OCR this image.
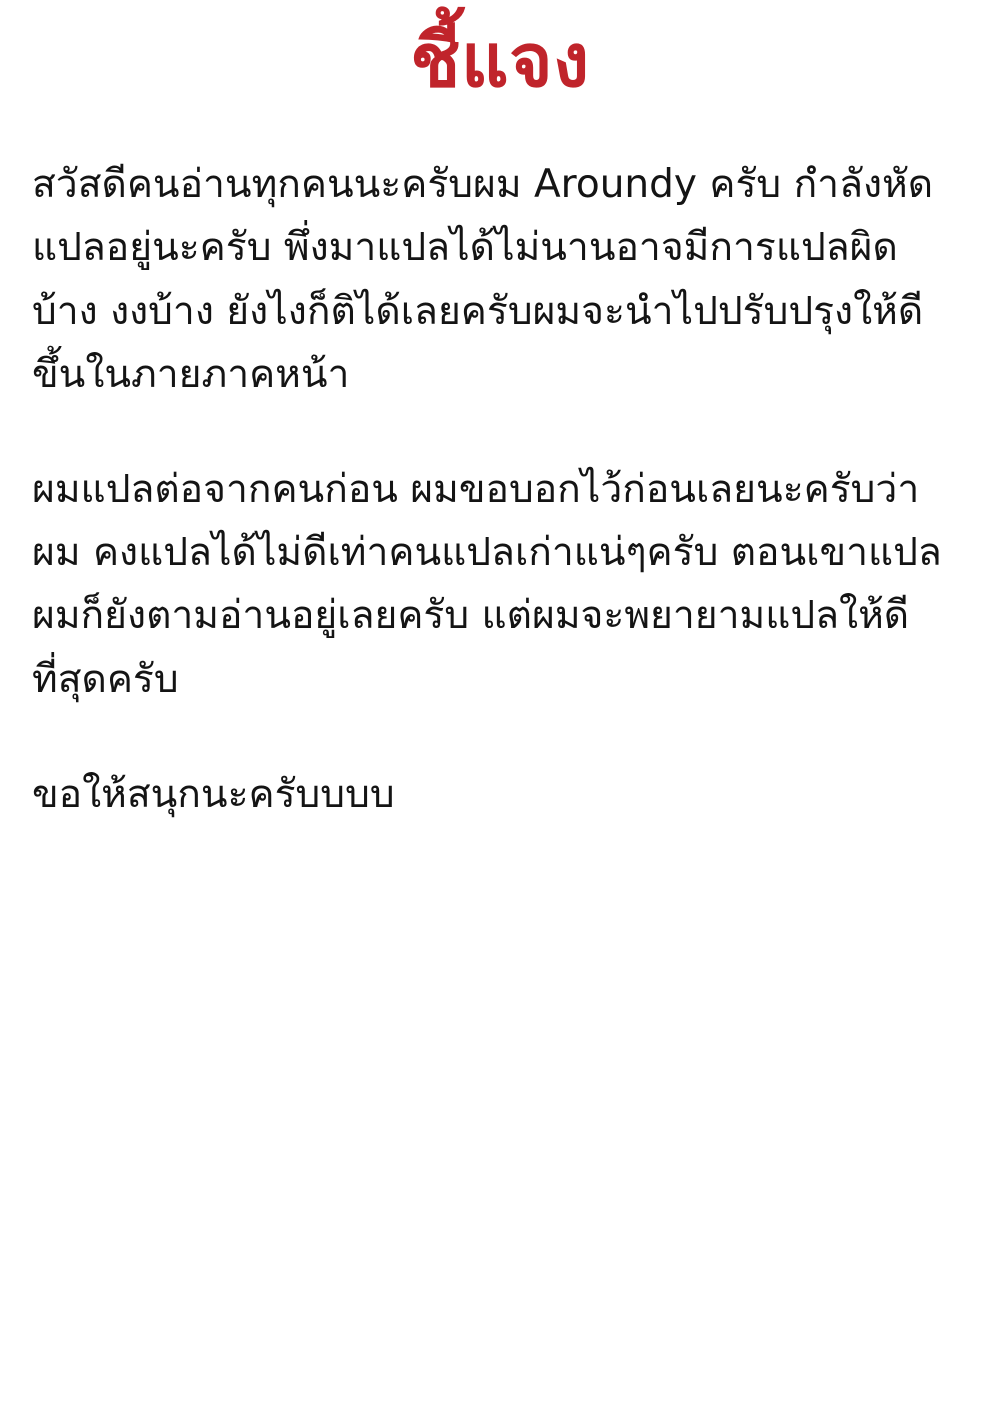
ชี้แจง

สวัสดีคนอ่านทุกคนนะครับผม Aroundy ครับ กำลังหัดแปลอยู่นะครับ พึ่งมาแปลได้ไม่นานอาจมีการแปลผิดบ้าง งงบ้าง ยังไงก็ติได้เลยครับผมจะนำไปปรับปรุงให้ดีขึ้นในภายภาคหน้า

ผมแปลต่อจากคนก่อน ผมขอบอกไว้ก่อนเลยนะครับว่าผม คงแปลได้ไม่ดีเท่าคนแปลเก่าแน่ๆครับ ตอนเขาแปลผมก็ยังตามอ่านอยู่เลยครับ แต่ผมจะพยายามแปลให้ดีที่สุดครับ

ขอให้สนุกนะครับบบบ
